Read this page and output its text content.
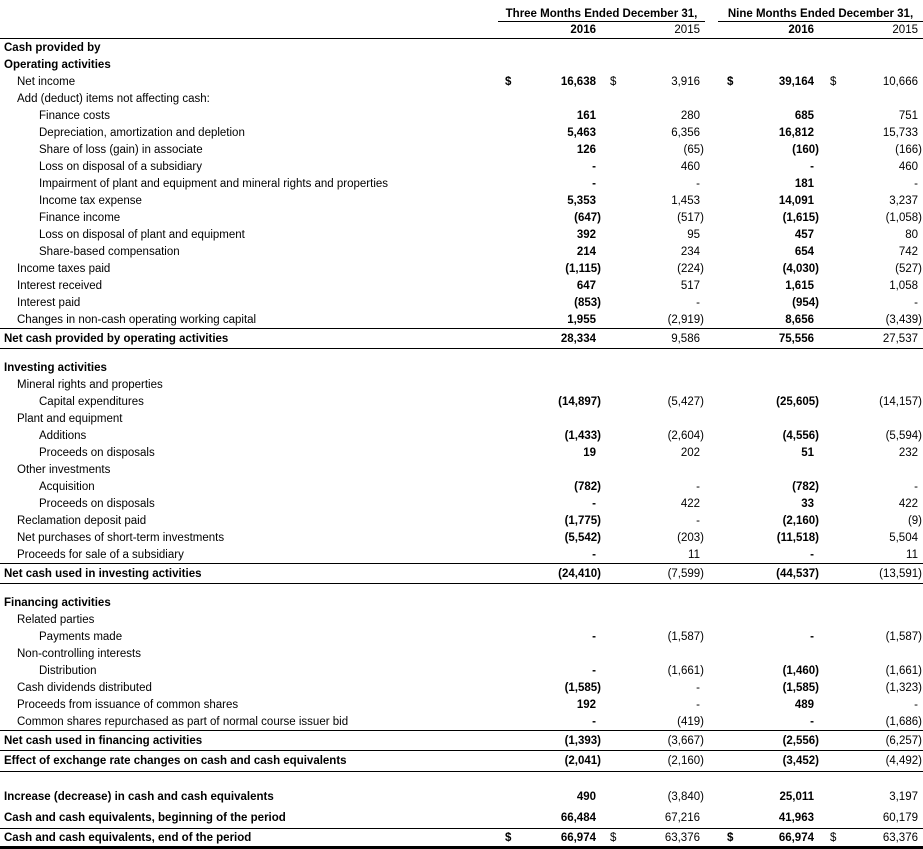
Three Months Ended December 31,	Nine Months Ended December 31,
2016	2015	2016	2015
Cash provided by
Operating activities
Net income	$	16,638	$	3,916	$	39,164	$	10,666
Add (deduct) items not affecting cash:
Finance costs	161	280	685	751
Depreciation, amortization and depletion	5,463	6,356	16,812	15,733
Share of loss (gain) in associate	126	(65)	(160)	(166)
Loss on disposal of a subsidiary	-	460	-	460
Impairment of plant and equipment and mineral rights and properties	-	-	181	-
Income tax expense	5,353	1,453	14,091	3,237
Finance income	(647)	(517)	(1,615)	(1,058)
Loss on disposal of plant and equipment	392	95	457	80
Share-based compensation	214	234	654	742
Income taxes paid	(1,115)	(224)	(4,030)	(527)
Interest received	647	517	1,615	1,058
Interest paid	(853)	-	(954)	-
Changes in non-cash operating working capital	1,955	(2,919)	8,656	(3,439)
Net cash provided by operating activities	28,334	9,586	75,556	27,537
Investing activities
Mineral rights and properties
Capital expenditures	(14,897)	(5,427)	(25,605)	(14,157)
Plant and equipment
Additions	(1,433)	(2,604)	(4,556)	(5,594)
Proceeds on disposals	19	202	51	232
Other investments
Acquisition	(782)	-	(782)	-
Proceeds on disposals	-	422	33	422
Reclamation deposit paid	(1,775)	-	(2,160)	(9)
Net purchases of short-term investments	(5,542)	(203)	(11,518)	5,504
Proceeds for sale of a subsidiary	-	11	-	11
Net cash used in investing activities	(24,410)	(7,599)	(44,537)	(13,591)
Financing activities
Related parties
Payments made	-	(1,587)	-	(1,587)
Non-controlling interests
Distribution	-	(1,661)	(1,460)	(1,661)
Cash dividends distributed	(1,585)	-	(1,585)	(1,323)
Proceeds from issuance of common shares	192	-	489	-
Common shares repurchased as part of normal course issuer bid	-	(419)	-	(1,686)
Net cash used in financing activities	(1,393)	(3,667)	(2,556)	(6,257)
Effect of exchange rate changes on cash and cash equivalents	(2,041)	(2,160)	(3,452)	(4,492)
Increase (decrease) in cash and cash equivalents	490	(3,840)	25,011	3,197
Cash and cash equivalents, beginning of the period	66,484	67,216	41,963	60,179
Cash and cash equivalents, end of the period	$	66,974	$	63,376	$	66,974	$	63,376
